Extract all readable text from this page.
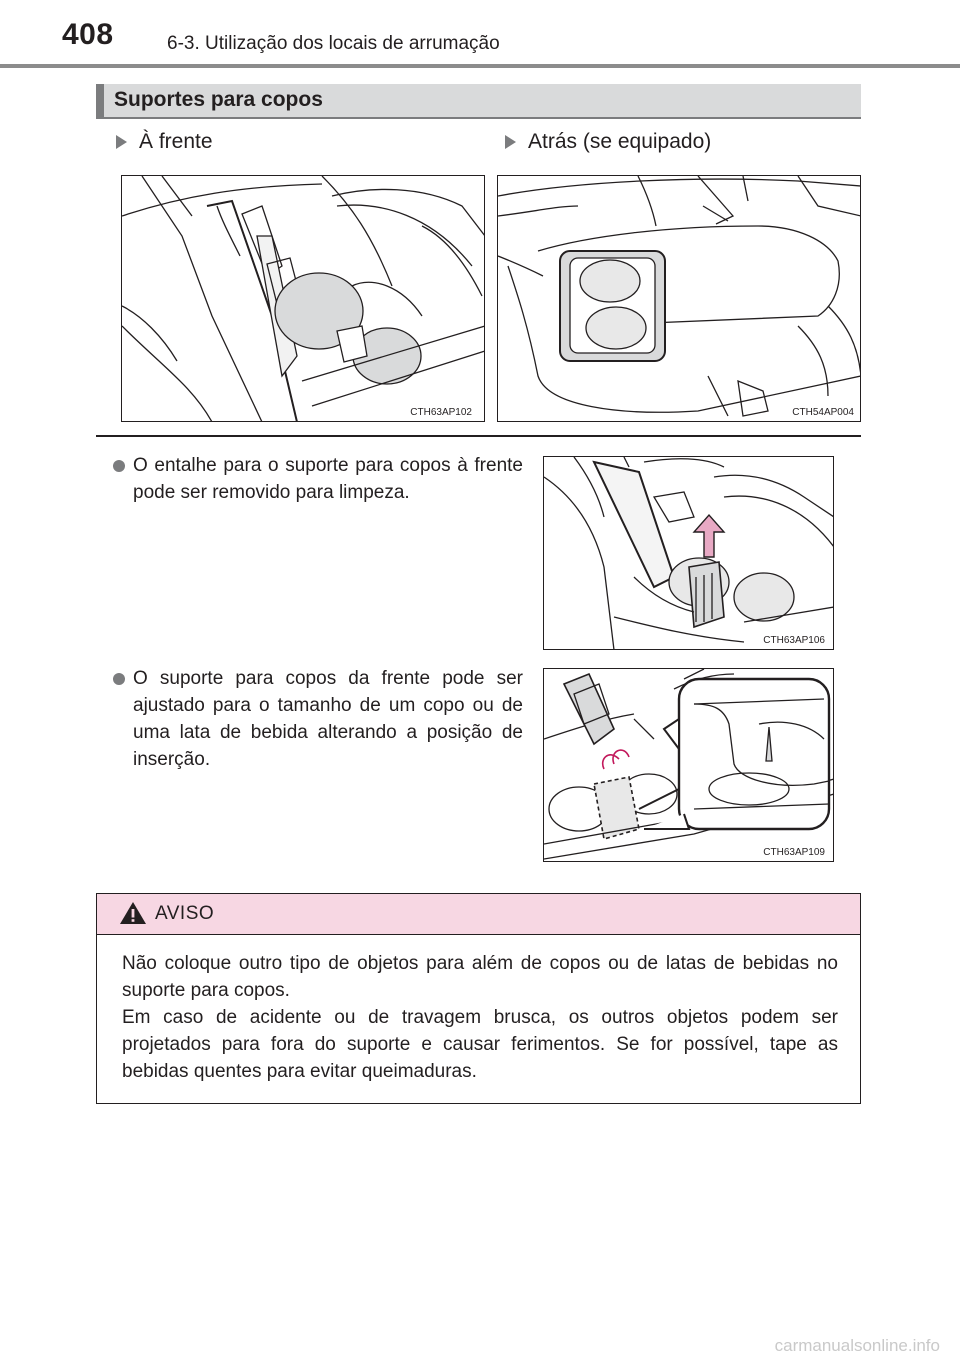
408	6-3. Utilização dos locais de arrumação
Suportes para copos
À frente	Atrás (se equipado)
CTH63AP102	CTH54AP004
O entalhe para o suporte para copos à frente pode ser removido para limpeza.
CTH63AP106
O suporte para copos da frente pode ser ajustado para o tamanho de um copo ou de uma lata de bebida alterando a posição de inserção.
CTH63AP109
AVISO
Não coloque outro tipo de objetos para além de copos ou de latas de bebidas no suporte para copos.
Em caso de acidente ou de travagem brusca, os outros objetos podem ser projetados para fora do suporte e causar ferimentos. Se for possível, tape as bebidas quentes para evitar queimaduras.
carmanualsonline.info
